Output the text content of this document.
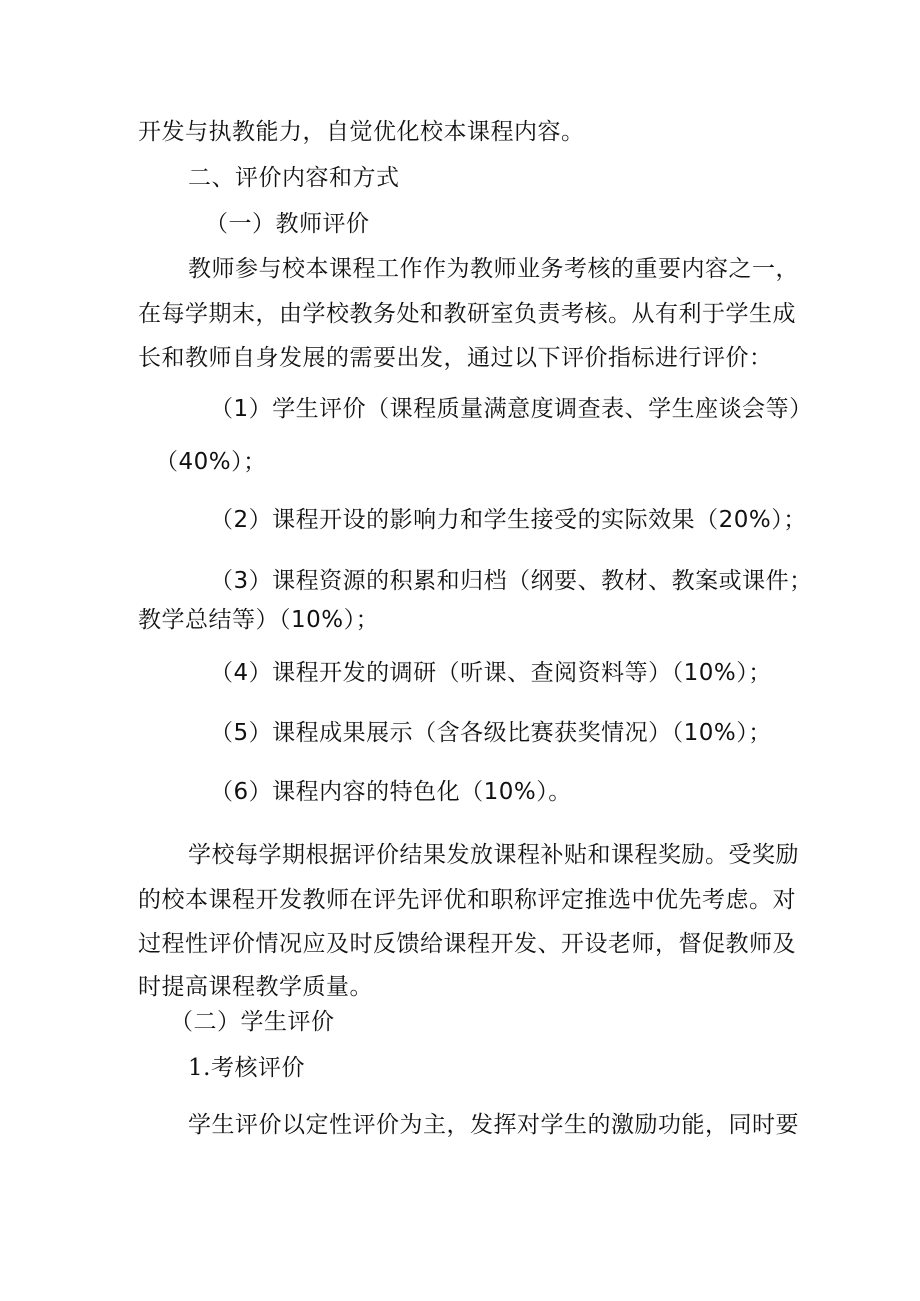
开发与执教能力，自觉优化校本课程内容。
二、评价内容和方式
（一）教师评价
教师参与校本课程工作作为教师业务考核的重要内容之一，
在每学期末，由学校教务处和教研室负责考核。从有利于学生成
长和教师自身发展的需要出发，通过以下评价指标进行评价：
（1）学生评价（课程质量满意度调查表、学生座谈会等）
（40%）；
（2）课程开设的影响力和学生接受的实际效果（20%）；
（3）课程资源的积累和归档（纲要、教材、教案或课件；
教学总结等）（10%）；
（4）课程开发的调研（听课、查阅资料等）（10%）；
（5）课程成果展示（含各级比赛获奖情况）（10%）；
（6）课程内容的特色化（10%）。
学校每学期根据评价结果发放课程补贴和课程奖励。受奖励
的校本课程开发教师在评先评优和职称评定推选中优先考虑。对
过程性评价情况应及时反馈给课程开发、开设老师，督促教师及
时提高课程教学质量。
（二）学生评价
1.考核评价
学生评价以定性评价为主，发挥对学生的激励功能，同时要
